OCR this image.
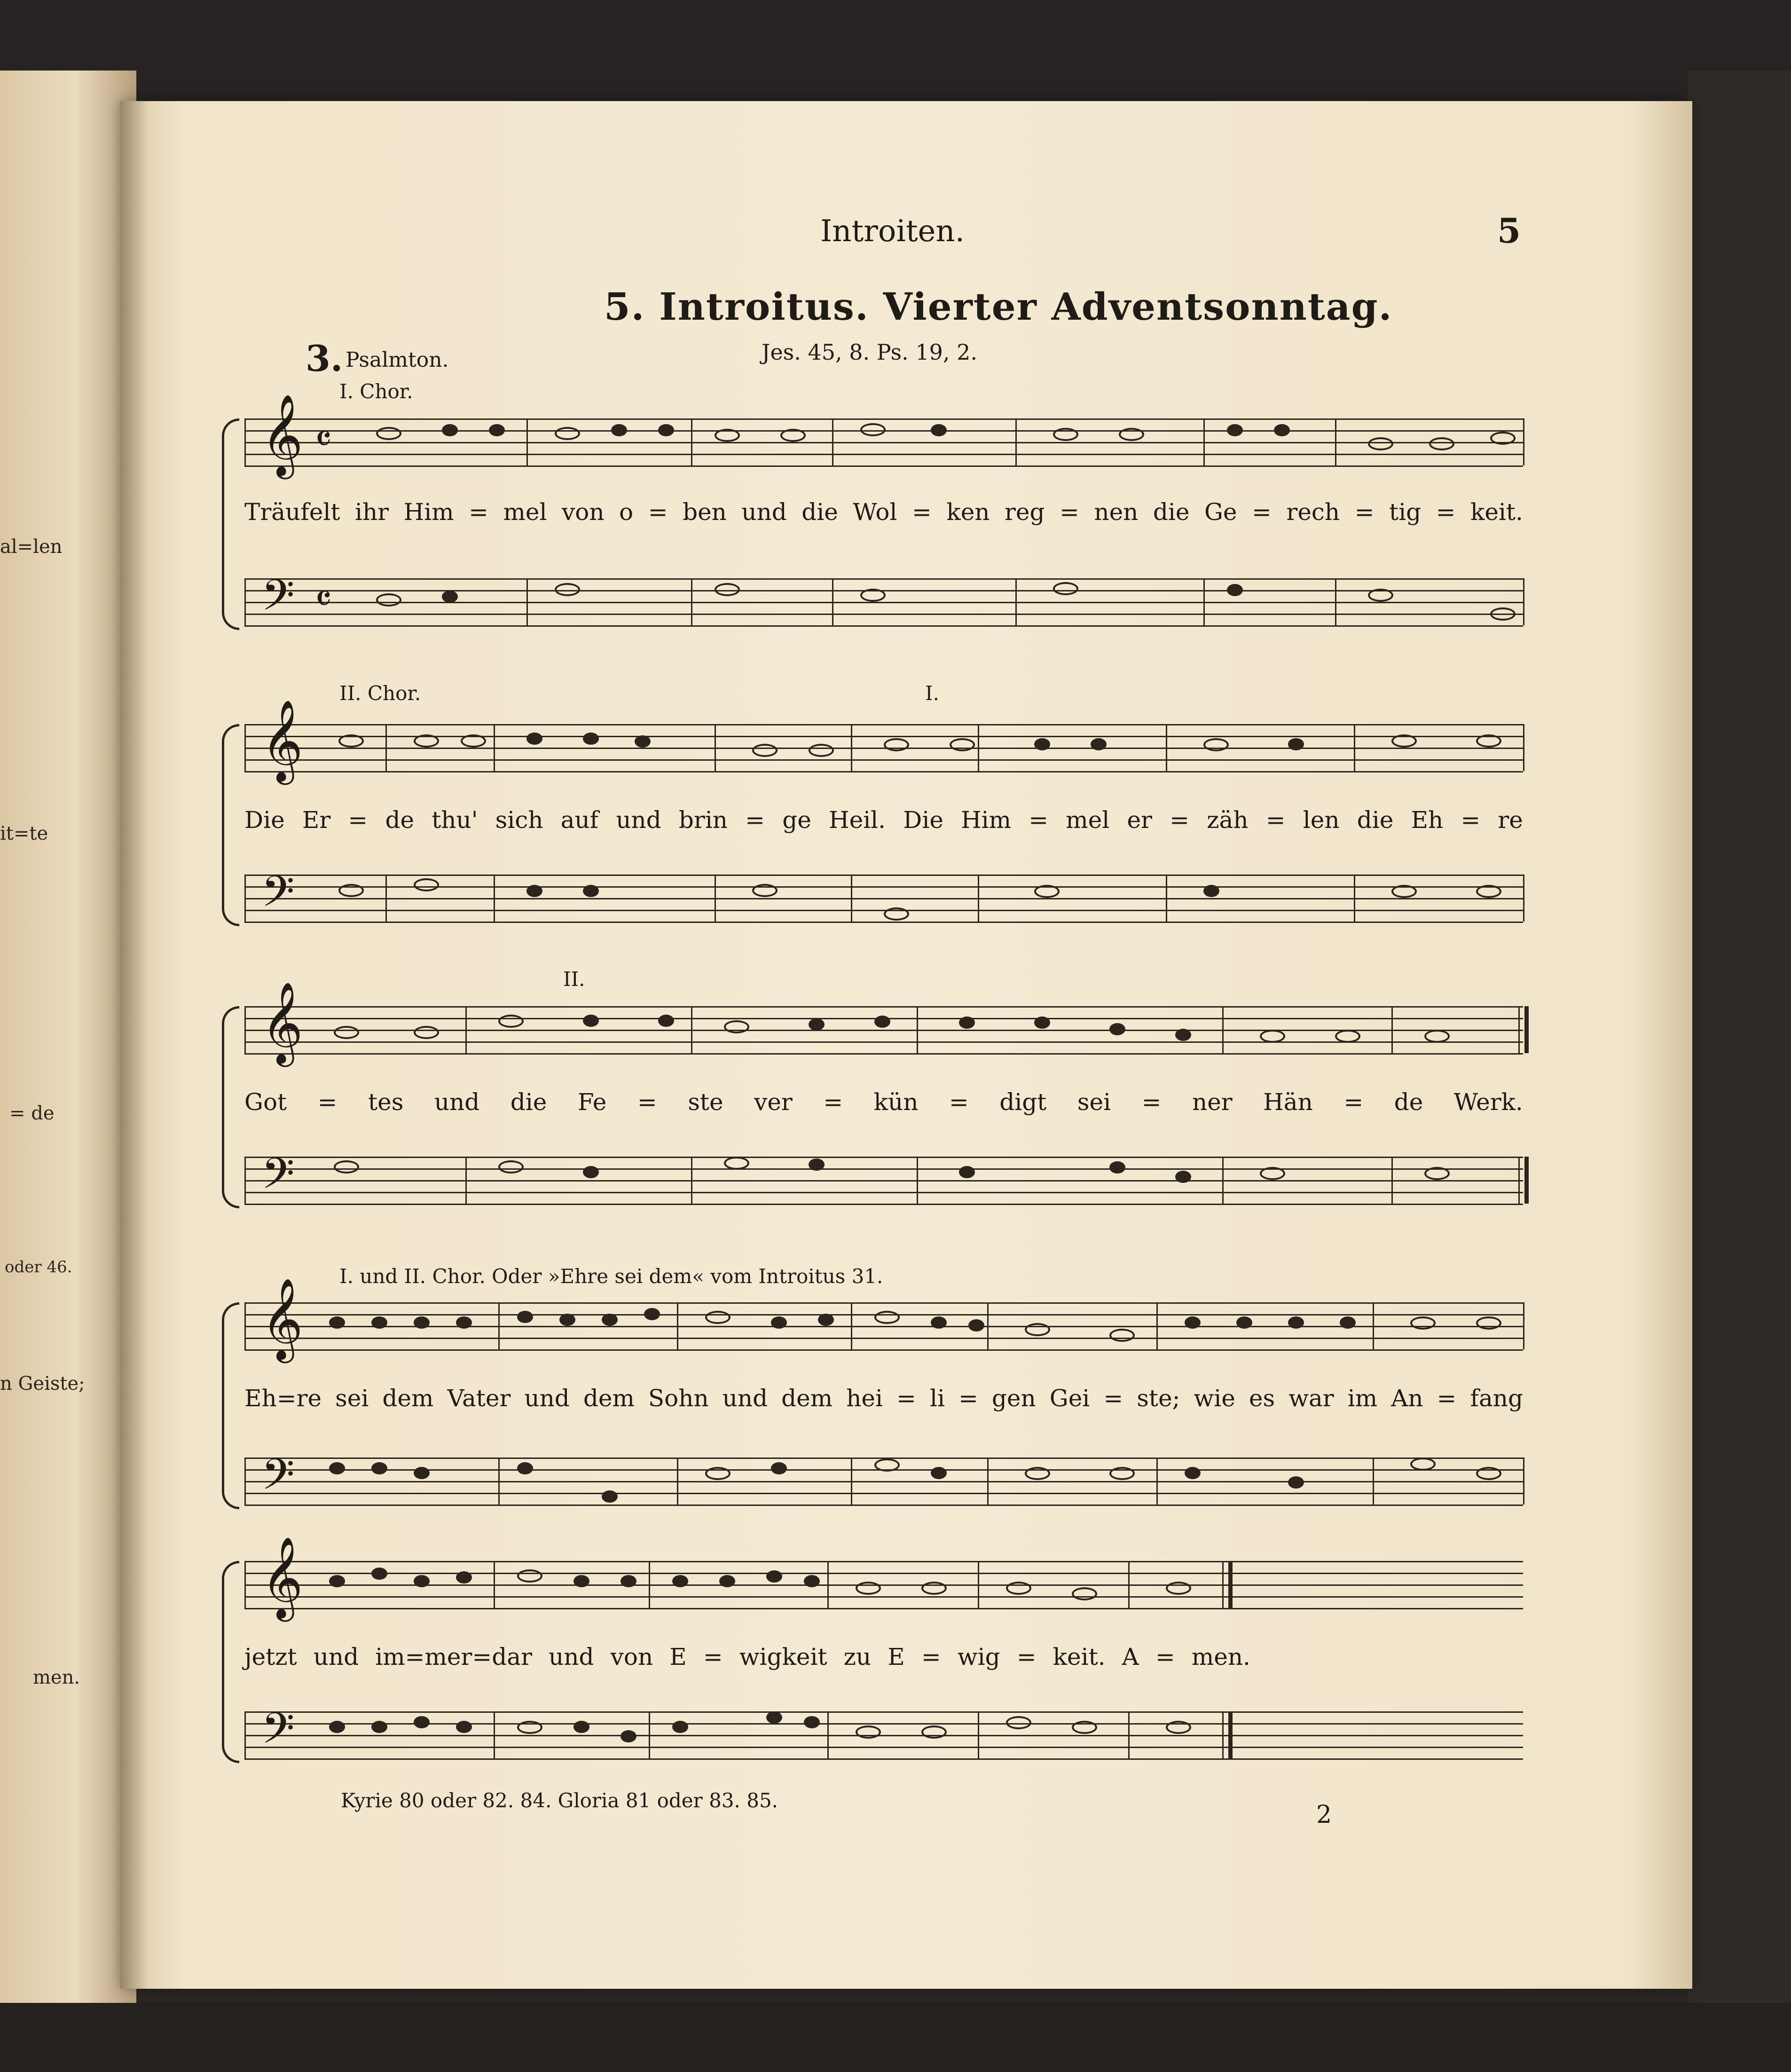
al=len
it=te
= de
oder 46.
n Geiste;
men.
Introiten.	5
5. Introitus. Vierter Adventsonntag.
3. Psalmton.	Jes. 45, 8. Ps. 19, 2.
I. Chor.
II. Chor.	I.
II.
I. und II. Chor. Oder »Ehre sei dem« vom Introitus 31.
𝄞 𝄴
Träufelt ihr Him = mel von o = ben und die Wol = ken reg = nen die Ge = rech = tig = keit.
𝄢 𝄴
𝄞
Die Er = de thu' sich auf und brin = ge Heil. Die Him = mel er = zäh = len die Eh = re
𝄢
𝄞
Got = tes und die Fe = ste ver = kün = digt sei = ner Hän = de Werk.
𝄢
𝄞
Eh=re sei dem Vater und dem Sohn und dem hei = li = gen Gei = ste; wie es war im An = fang
𝄢
𝄞
jetzt und im=mer=dar und von E = wigkeit zu E = wig = keit. A = men.
𝄢
Kyrie 80 oder 82. 84. Gloria 81 oder 83. 85.
2
